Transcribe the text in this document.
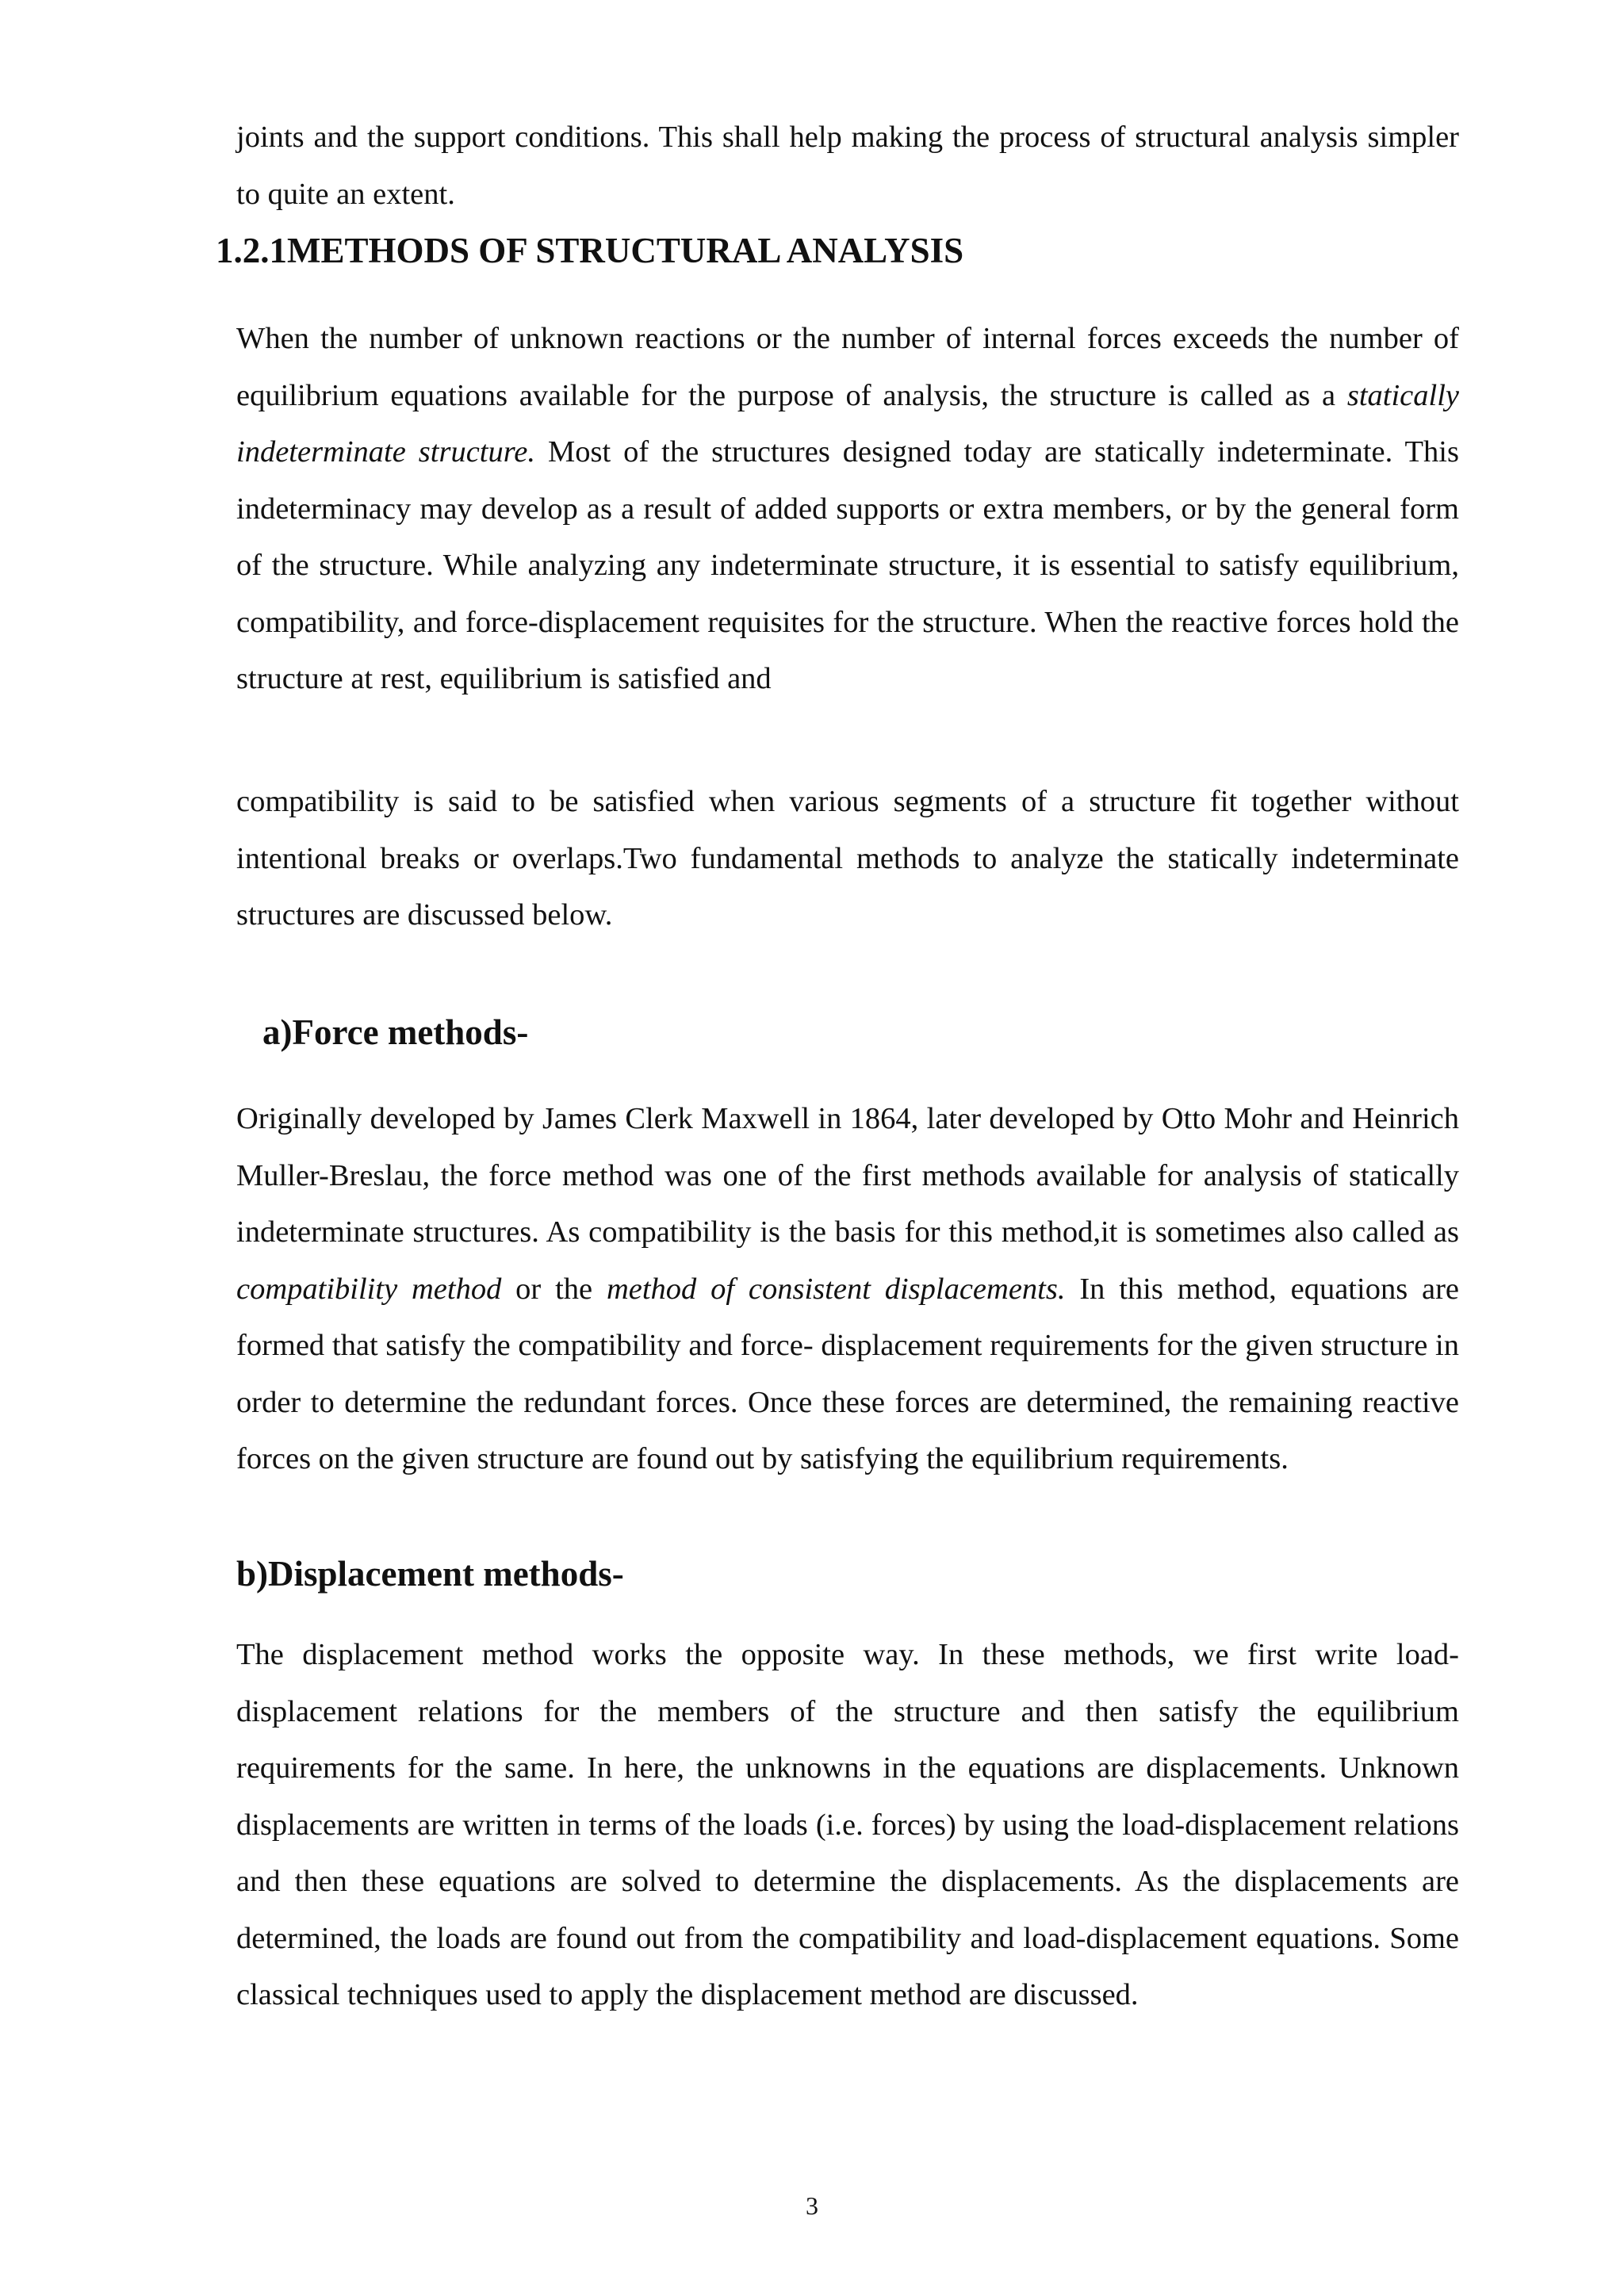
joints and the support conditions. This shall help making the process of structural analysis simpler to quite an extent.

1.2.1METHODS OF STRUCTURAL ANALYSIS

When the number of unknown reactions or the number of internal forces exceeds the number of equilibrium equations available for the purpose of analysis, the structure is called as a statically indeterminate structure. Most of the structures designed today are statically indeterminate. This indeterminacy may develop as a result of added supports or extra members, or by the general form of the structure. While analyzing any indeterminate structure, it is essential to satisfy equilibrium, compatibility, and force-displacement requisites for the structure. When the reactive forces hold the structure at rest, equilibrium is satisfied and

compatibility is said to be satisfied when various segments of a structure fit together without intentional breaks or overlaps.Two fundamental methods to analyze the statically indeterminate structures are discussed below.

a)Force methods-

Originally developed by James Clerk Maxwell in 1864, later developed by Otto Mohr and Heinrich Muller-Breslau, the force method was one of the first methods available for analysis of statically indeterminate structures. As compatibility is the basis for this method,it is sometimes also called as compatibility method or the method of consistent displacements. In this method, equations are formed that satisfy the compatibility and force- displacement requirements for the given structure in order to determine the redundant forces. Once these forces are determined, the remaining reactive forces on the given structure are found out by satisfying the equilibrium requirements.

b)Displacement methods-

The displacement method works the opposite way. In these methods, we first write load-displacement relations for the members of the structure and then satisfy the equilibrium requirements for the same. In here, the unknowns in the equations are displacements. Unknown displacements are written in terms of the loads (i.e. forces) by using the load-displacement relations and then these equations are solved to determine the displacements. As the displacements are determined, the loads are found out from the compatibility and load-displacement equations. Some classical techniques used to apply the displacement method are discussed.

3
